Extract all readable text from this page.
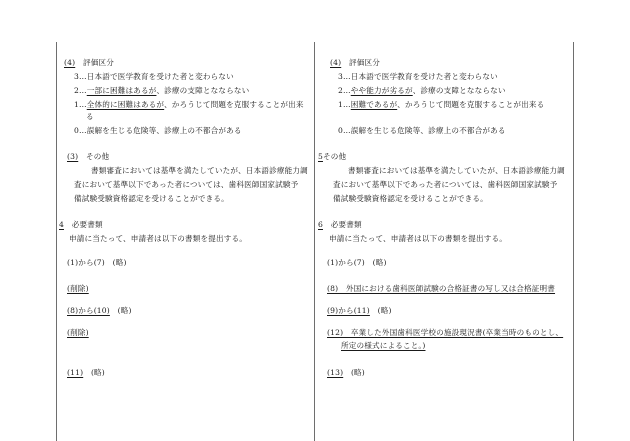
(4)　 評価区分
3…日本語で医学教育を受けた者と変わらない
2…一部に困難はあるが、診療の支障となならない
1…全体的に困難はあるが、かろうじて問題を克服することが出来
る
0…誤解を生じる危険等、診療上の不都合がある
(3)　 その他
書類審査においては基準を満たしていたが、日本語診療能力調
査において基準以下であった者については、歯科医師国家試験予
備試験受験資格認定を受けることができる。
4　 必要書類
申請に当たって、申請者は以下の書類を提出する。
(1)から(7)　(略)
(削除)
(8)から(10)　(略)
(削除)
(11)　(略)
(4)　 評価区分
3…日本語で医学教育を受けた者と変わらない
2…やや能力が劣るが、診療の支障となならない
1…困難であるが、かろうじて問題を克服することが出来る
0…誤解を生じる危険等、診療上の不都合がある
5その他
書類審査においては基準を満たしていたが、日本語診療能力調
査において基準以下であった者については、歯科医師国家試験予
備試験受験資格認定を受けることができる。
6　 必要書類
申請に当たって、申請者は以下の書類を提出する。
(1)から(7)　(略)
(8)　外国における歯科医師試験の合格証書の写し又は合格証明書
(9)から(11)　(略)
(12)　卒業した外国歯科医学校の施設現況書(卒業当時のものとし、
所定の様式によること。)
(13)　(略)
